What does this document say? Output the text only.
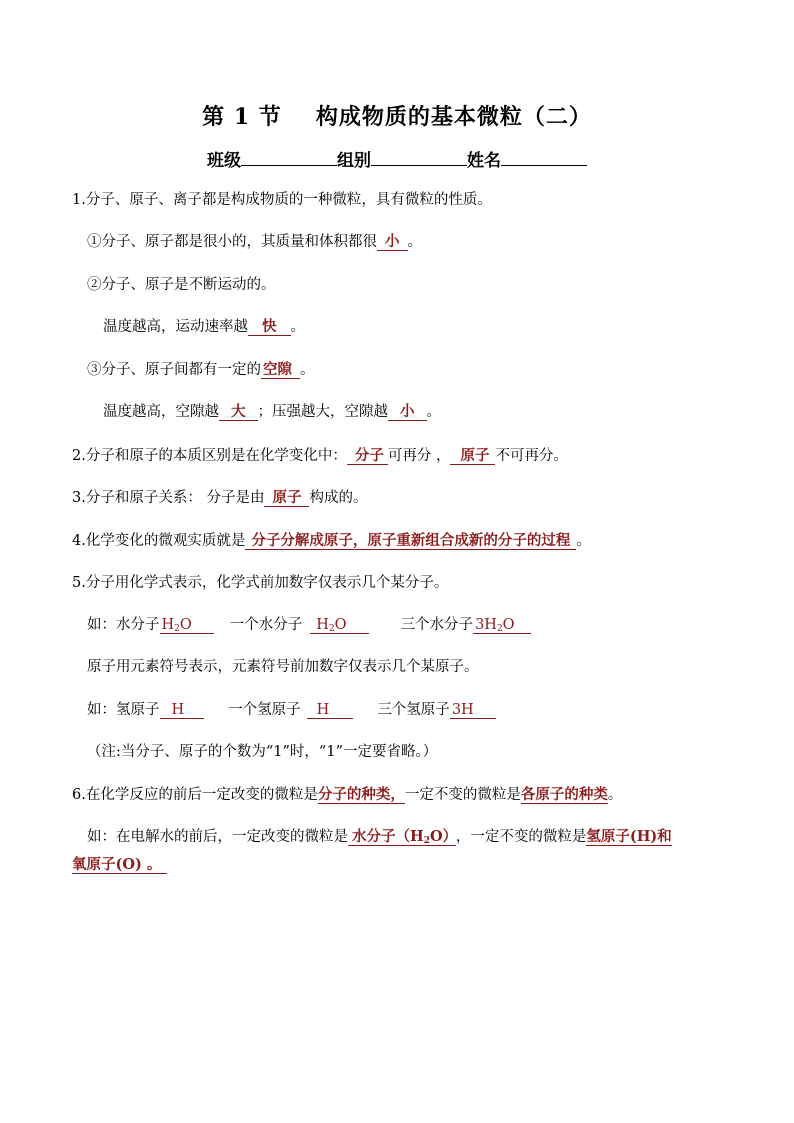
第 1 节 构成物质的基本微粒（二）
班级	组别	姓名
1.分子、原子、离子都是构成物质的一种微粒，具有微粒的性质。
①分子、原子都是很小的，其质量和体积都很 小 。
②分子、原子是不断运动的。
温度越高，运动速率越 快 。
③分子、原子间都有一定的 空隙 。
温度越高，空隙越 大 ；压强越大，空隙越 小 。
2.分子和原子的本质区别是在化学变化中： 分子 可再分 ， 原子 不可再分。
3.分子和原子关系： 分子是由 原子 构成的。
4.化学变化的微观实质就是 分子分解成原子，原子重新组合成新的分子的过程 。
5.分子用化学式表示，化学式前加数字仅表示几个某分子。
如：水分子 $H_2O$	一个水分子 $H_2O$	三个水分子 $3H_2O$
原子用元素符号表示，元素符号前加数字仅表示几个某原子。
如：氢原子 H	一个氢原子 H	三个氢原子 3H
（注:当分子、原子的个数为“1”时，“1”一定要省略。）
6.在化学反应的前后一定改变的微粒是分子的种类，一定不变的微粒是各原子的种类。
如：在电解水的前后，一定改变的微粒是 水分子$(H_2O)$ ，一定不变的微粒是氢原子(H)和
氧原子(O) 。
